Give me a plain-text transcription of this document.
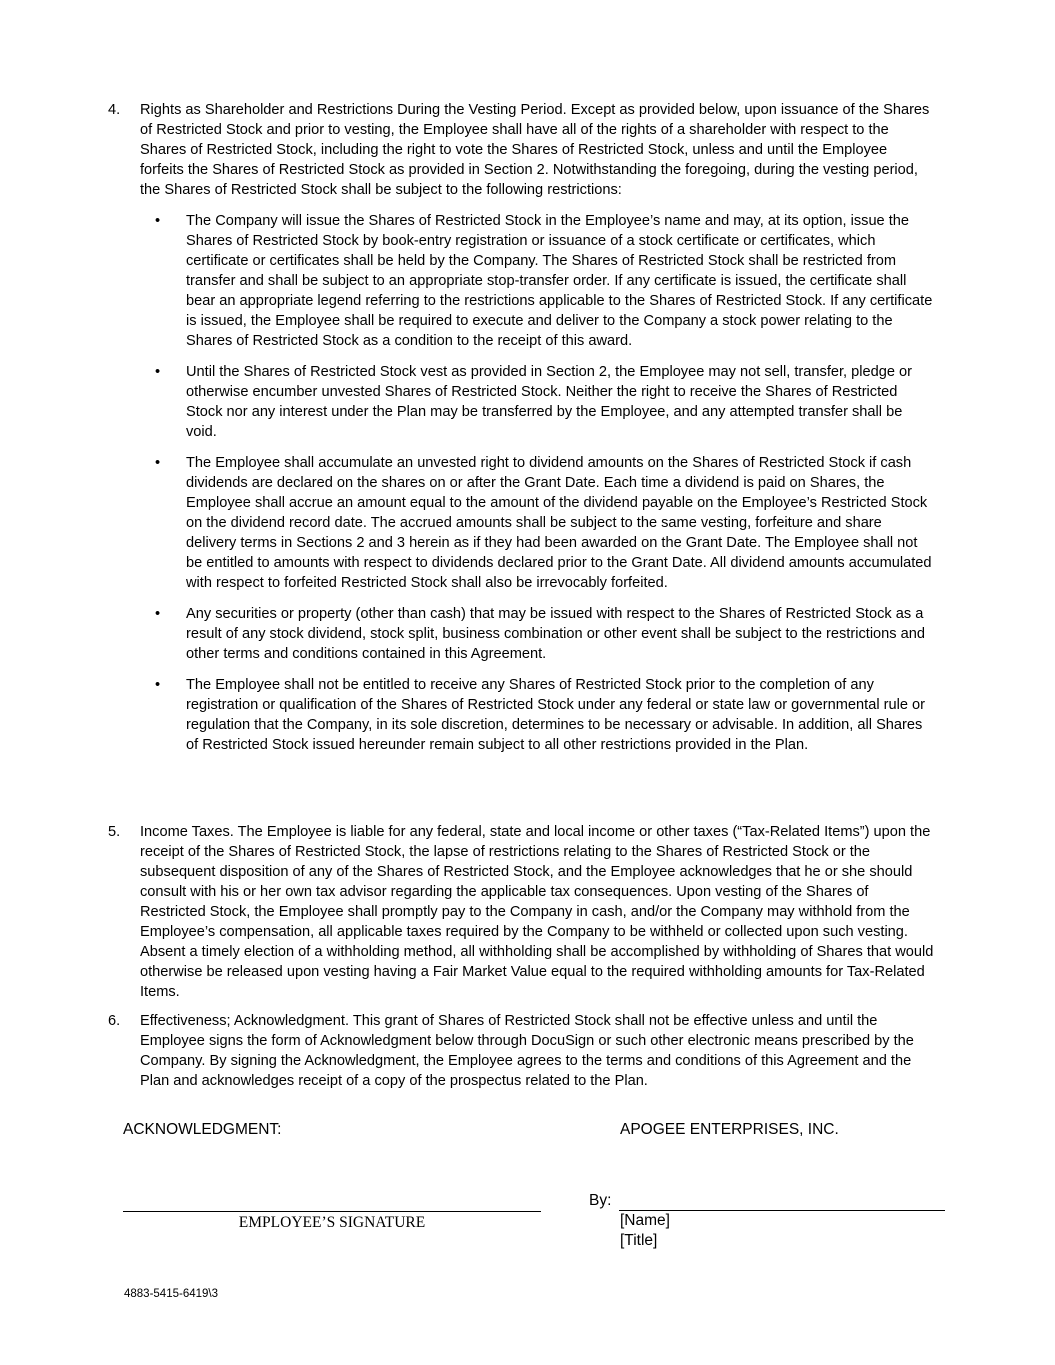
4. Rights as Shareholder and Restrictions During the Vesting Period. Except as provided below, upon issuance of the Shares of Restricted Stock and prior to vesting, the Employee shall have all of the rights of a shareholder with respect to the Shares of Restricted Stock, including the right to vote the Shares of Restricted Stock, unless and until the Employee forfeits the Shares of Restricted Stock as provided in Section 2. Notwithstanding the foregoing, during the vesting period, the Shares of Restricted Stock shall be subject to the following restrictions:
• The Company will issue the Shares of Restricted Stock in the Employee’s name and may, at its option, issue the Shares of Restricted Stock by book-entry registration or issuance of a stock certificate or certificates, which certificate or certificates shall be held by the Company. The Shares of Restricted Stock shall be restricted from transfer and shall be subject to an appropriate stop-transfer order. If any certificate is issued, the certificate shall bear an appropriate legend referring to the restrictions applicable to the Shares of Restricted Stock. If any certificate is issued, the Employee shall be required to execute and deliver to the Company a stock power relating to the Shares of Restricted Stock as a condition to the receipt of this award.
• Until the Shares of Restricted Stock vest as provided in Section 2, the Employee may not sell, transfer, pledge or otherwise encumber unvested Shares of Restricted Stock. Neither the right to receive the Shares of Restricted Stock nor any interest under the Plan may be transferred by the Employee, and any attempted transfer shall be void.
• The Employee shall accumulate an unvested right to dividend amounts on the Shares of Restricted Stock if cash dividends are declared on the shares on or after the Grant Date. Each time a dividend is paid on Shares, the Employee shall accrue an amount equal to the amount of the dividend payable on the Employee’s Restricted Stock on the dividend record date. The accrued amounts shall be subject to the same vesting, forfeiture and share delivery terms in Sections 2 and 3 herein as if they had been awarded on the Grant Date. The Employee shall not be entitled to amounts with respect to dividends declared prior to the Grant Date. All dividend amounts accumulated with respect to forfeited Restricted Stock shall also be irrevocably forfeited.
• Any securities or property (other than cash) that may be issued with respect to the Shares of Restricted Stock as a result of any stock dividend, stock split, business combination or other event shall be subject to the restrictions and other terms and conditions contained in this Agreement.
• The Employee shall not be entitled to receive any Shares of Restricted Stock prior to the completion of any registration or qualification of the Shares of Restricted Stock under any federal or state law or governmental rule or regulation that the Company, in its sole discretion, determines to be necessary or advisable. In addition, all Shares of Restricted Stock issued hereunder remain subject to all other restrictions provided in the Plan.
5. Income Taxes. The Employee is liable for any federal, state and local income or other taxes (“Tax-Related Items”) upon the receipt of the Shares of Restricted Stock, the lapse of restrictions relating to the Shares of Restricted Stock or the subsequent disposition of any of the Shares of Restricted Stock, and the Employee acknowledges that he or she should consult with his or her own tax advisor regarding the applicable tax consequences. Upon vesting of the Shares of Restricted Stock, the Employee shall promptly pay to the Company in cash, and/or the Company may withhold from the Employee’s compensation, all applicable taxes required by the Company to be withheld or collected upon such vesting. Absent a timely election of a withholding method, all withholding shall be accomplished by withholding of Shares that would otherwise be released upon vesting having a Fair Market Value equal to the required withholding amounts for Tax-Related Items.
6. Effectiveness; Acknowledgment. This grant of Shares of Restricted Stock shall not be effective unless and until the Employee signs the form of Acknowledgment below through DocuSign or such other electronic means prescribed by the Company. By signing the Acknowledgment, the Employee agrees to the terms and conditions of this Agreement and the Plan and acknowledges receipt of a copy of the prospectus related to the Plan.
ACKNOWLEDGMENT:	APOGEE ENTERPRISES, INC.
EMPLOYEE’S SIGNATURE
By:
[Name]
[Title]
4883-5415-6419\3
